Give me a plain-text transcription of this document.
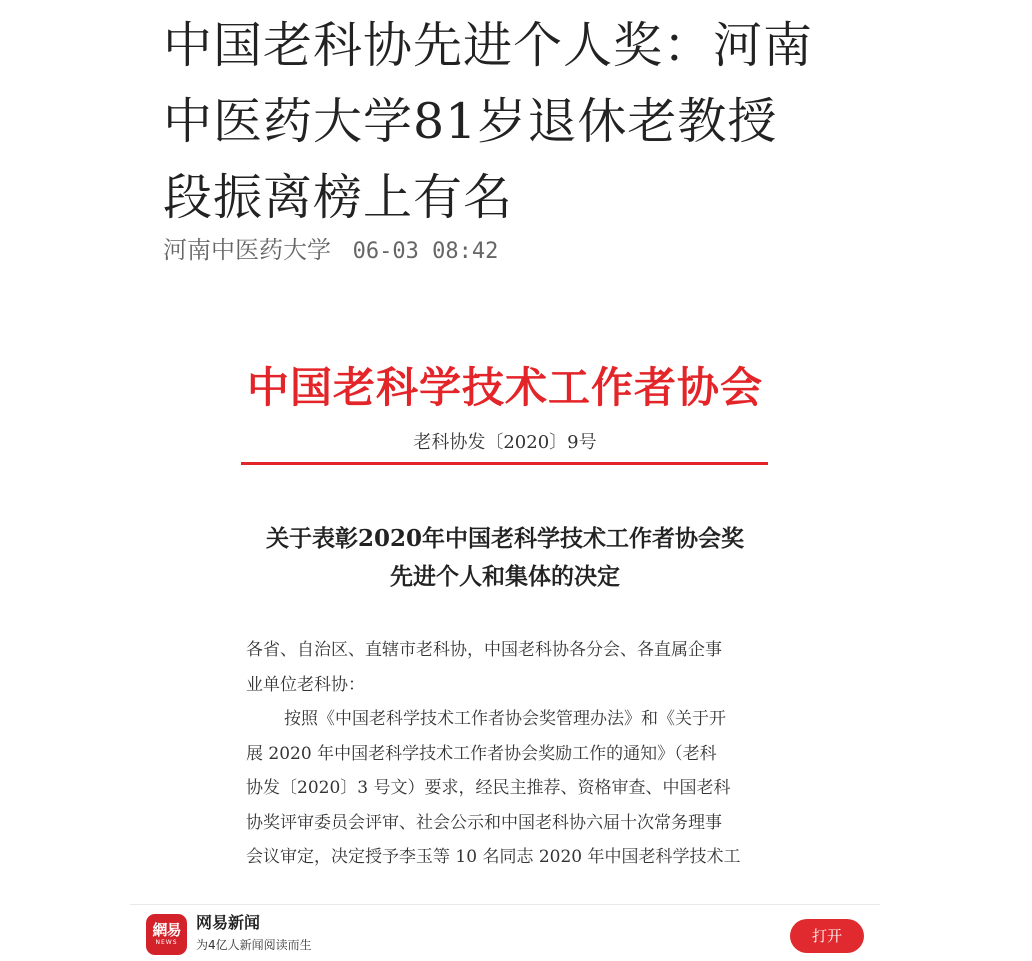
中国老科协先进个人奖：河南中医药大学81岁退休老教授段振离榜上有名
河南中医药大学 06-03 08:42
中国老科学技术工作者协会
老科协发〔2020〕9号
关于表彰2020年中国老科学技术工作者协会奖
先进个人和集体的决定
各省、自治区、直辖市老科协，中国老科协各分会、各直属企事
业单位老科协：
按照《中国老科学技术工作者协会奖管理办法》和《关于开
展 2020 年中国老科学技术工作者协会奖励工作的通知》（老科
协发〔2020〕3 号文）要求，经民主推荐、资格审查、中国老科
协奖评审委员会评审、社会公示和中国老科协六届十次常务理事
会议审定，决定授予李玉等 10 名同志 2020 年中国老科学技术工
網易
NEWS
网易新闻
为4亿人新闻阅读而生	打开
